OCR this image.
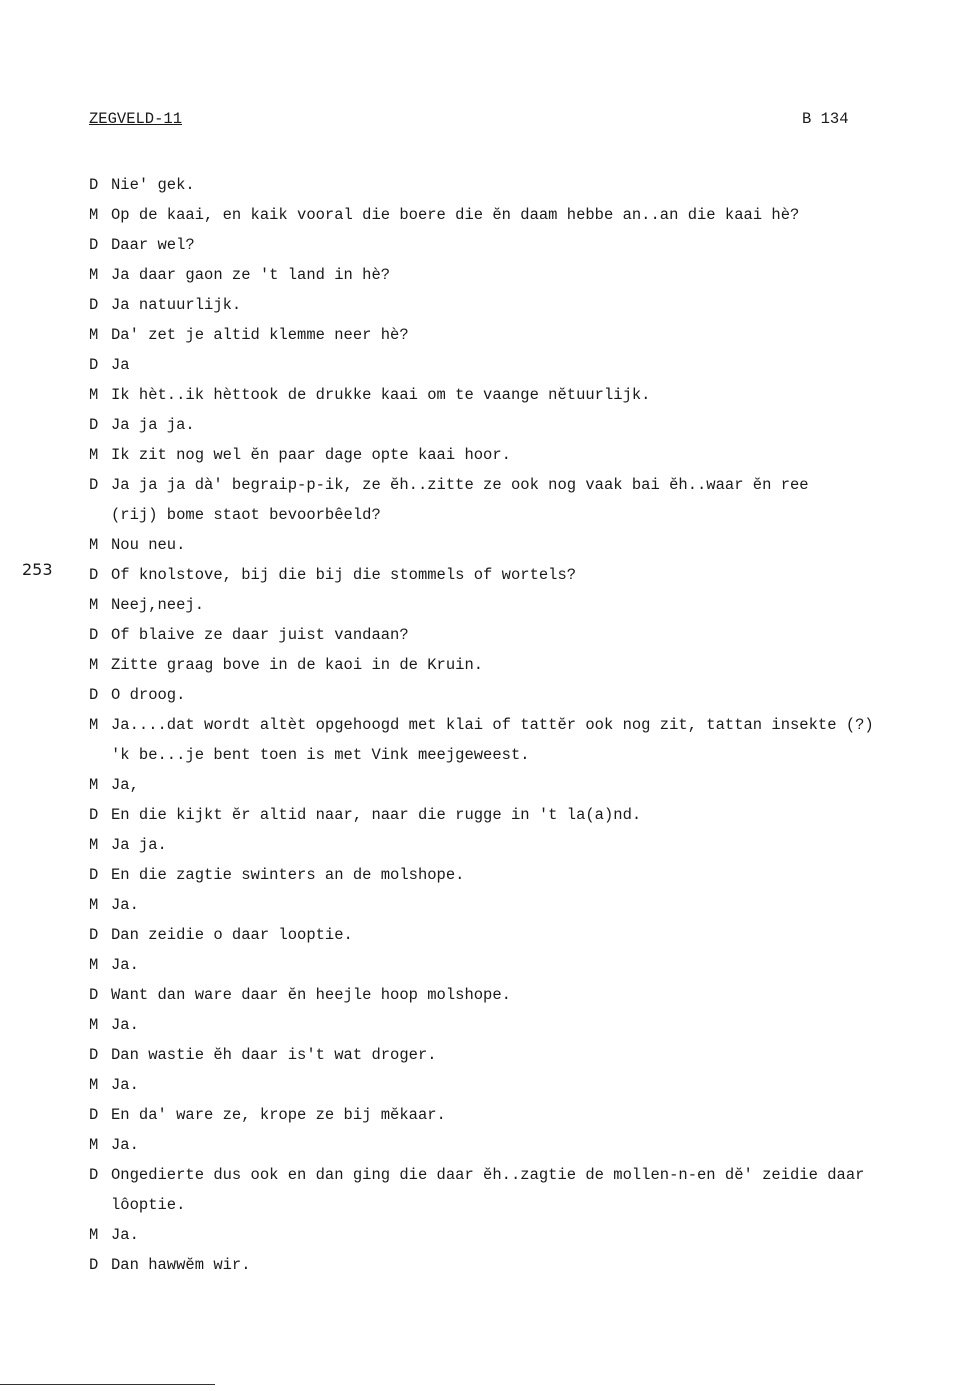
ZEGVELD-11	B 134
253
D Nie' gek.
M Op de kaai, en kaik vooral die boere die ĕn daam hebbe an..an die kaai hè?
D Daar wel?
M Ja daar gaon ze 't land in hè?
D Ja natuurlijk.
M Da' zet je altid klemme neer hè?
D Ja
M Ik hèt..ik hèttook de drukke kaai om te vaange nĕtuurlijk.
D Ja ja ja.
M Ik zit nog wel ĕn paar dage opte kaai hoor.
D Ja ja ja dà' begraip-p-ik, ze ĕh..zitte ze ook nog vaak bai ĕh..waar ĕn ree
(rij) bome staot bevoorbêeld?
M Nou neu.
D Of knolstove, bij die bij die stommels of wortels?
M Neej,neej.
D Of blaive ze daar juist vandaan?
M Zitte graag bove in de kaoi in de Kruin.
D O droog.
M Ja....dat wordt altèt opgehoogd met klai of tattĕr ook nog zit, tattan insekte (?)
'k be...je bent toen is met Vink meejgeweest.
M Ja,
D En die kijkt ĕr altid naar, naar die rugge in 't la(a)nd.
M Ja ja.
D En die zagtie swinters an de molshope.
M Ja.
D Dan zeidie o daar looptie.
M Ja.
D Want dan ware daar ĕn heejle hoop molshope.
M Ja.
D Dan wastie ĕh daar is't wat droger.
M Ja.
D En da' ware ze, krope ze bij mĕkaar.
M Ja.
D Ongedierte dus ook en dan ging die daar ĕh..zagtie de mollen-n-en dĕ' zeidie daar
lôoptie.
M Ja.
D Dan hawwĕm wir.
